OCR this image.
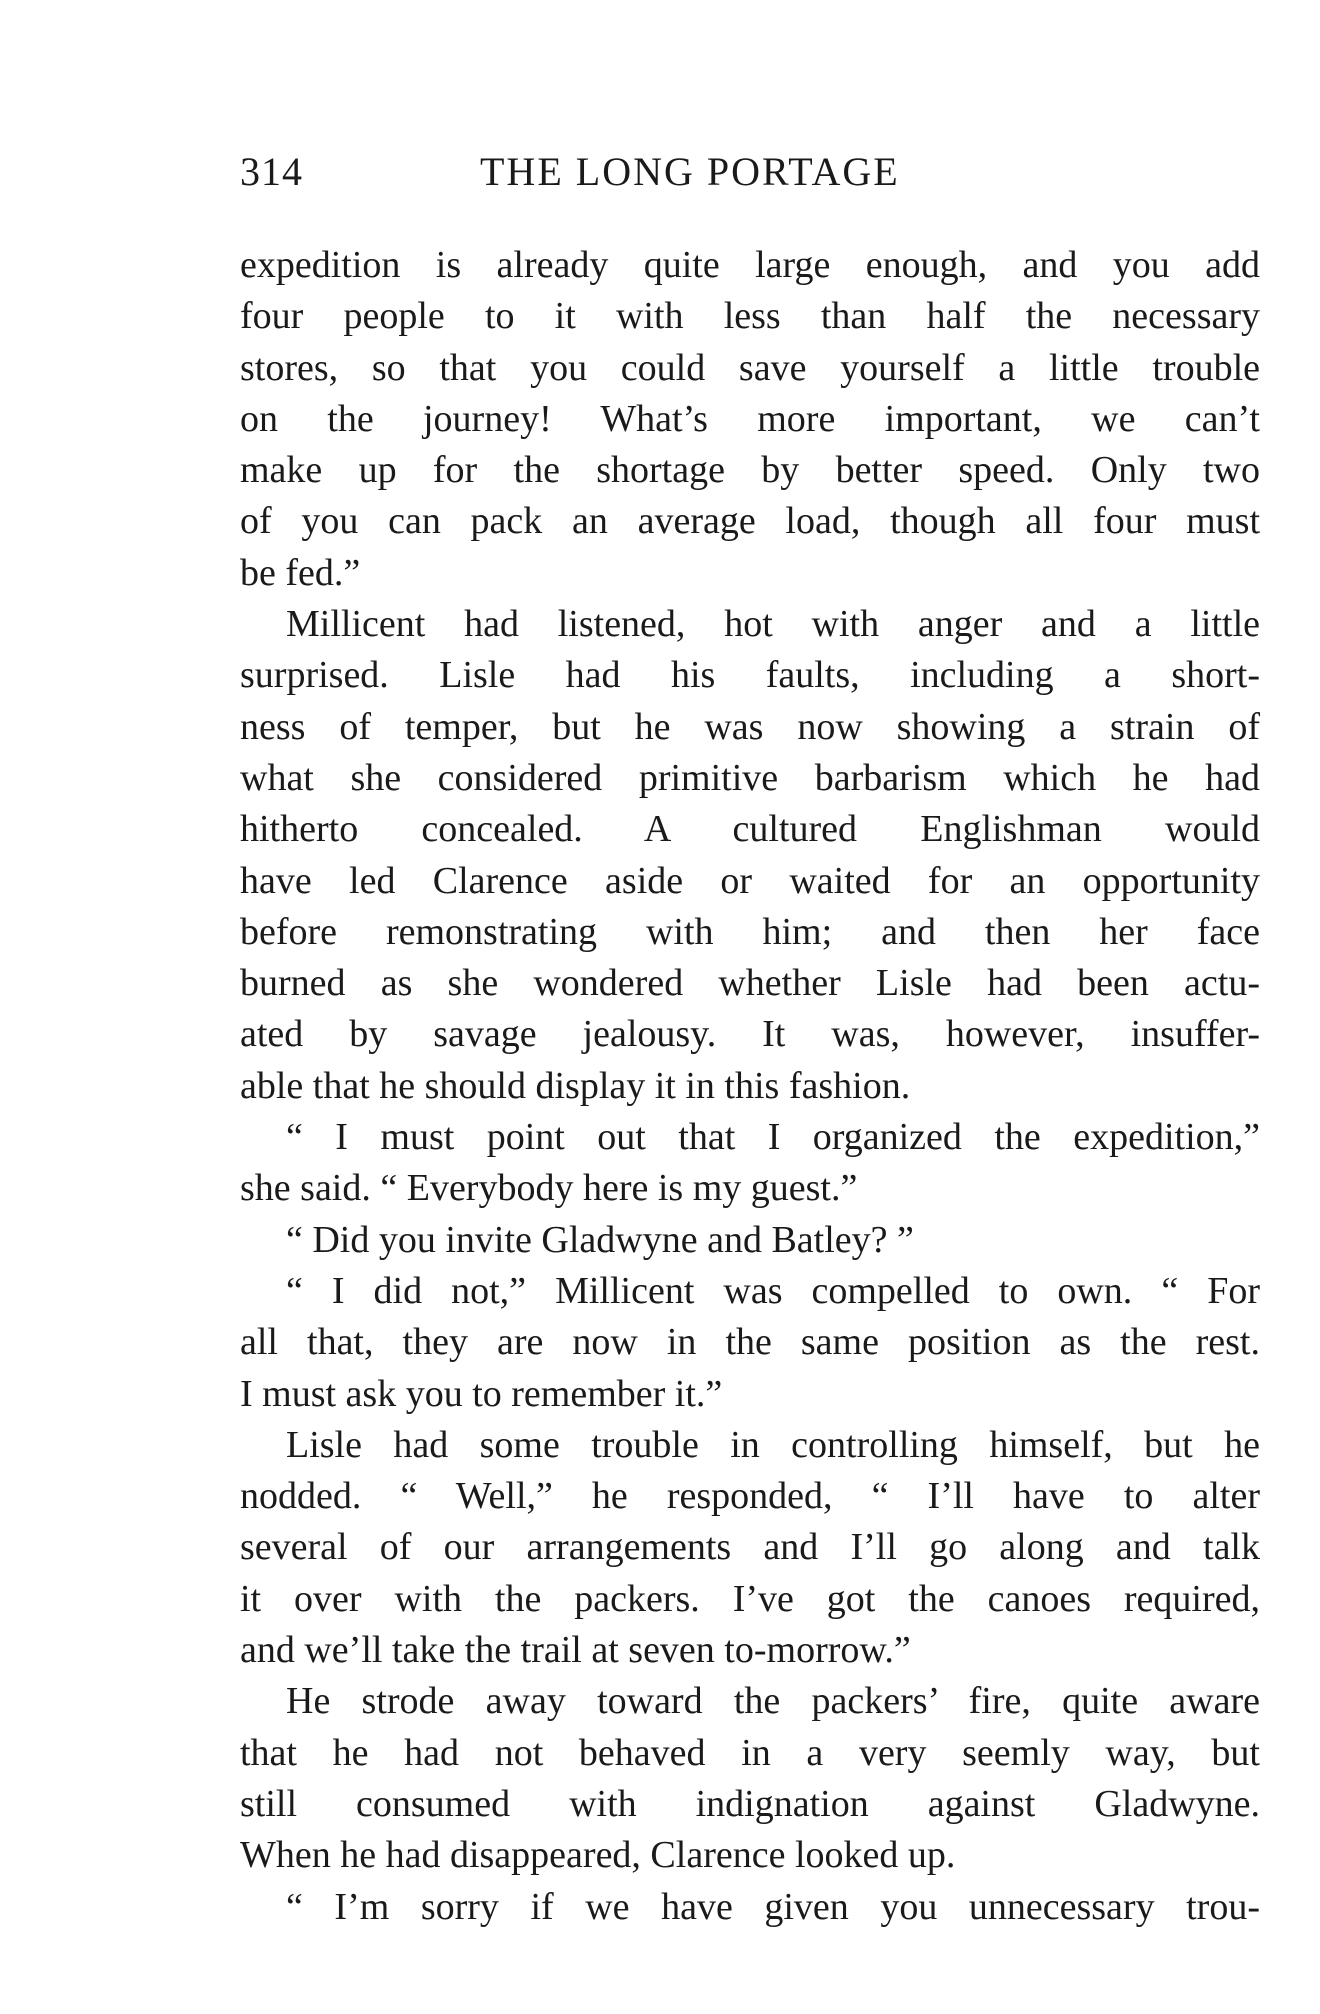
314	THE LONG PORTAGE
expedition is already quite large enough, and you add
four people to it with less than half the necessary
stores, so that you could save yourself a little trouble
on the journey! What’s more important, we can’t
make up for the shortage by better speed. Only two
of you can pack an average load, though all four must
be fed.”
Millicent had listened, hot with anger and a little
surprised. Lisle had his faults, including a short-
ness of temper, but he was now showing a strain of
what she considered primitive barbarism which he had
hitherto concealed. A cultured Englishman would
have led Clarence aside or waited for an opportunity
before remonstrating with him; and then her face
burned as she wondered whether Lisle had been actu-
ated by savage jealousy. It was, however, insuffer-
able that he should display it in this fashion.
“ I must point out that I organized the expedition,”
she said. “ Everybody here is my guest.”
“ Did you invite Gladwyne and Batley? ”
“ I did not,” Millicent was compelled to own. “ For
all that, they are now in the same position as the rest.
I must ask you to remember it.”
Lisle had some trouble in controlling himself, but he
nodded. “ Well,” he responded, “ I’ll have to alter
several of our arrangements and I’ll go along and talk
it over with the packers. I’ve got the canoes required,
and we’ll take the trail at seven to-morrow.”
He strode away toward the packers’ fire, quite aware
that he had not behaved in a very seemly way, but
still consumed with indignation against Gladwyne.
When he had disappeared, Clarence looked up.
“ I’m sorry if we have given you unnecessary trou-
